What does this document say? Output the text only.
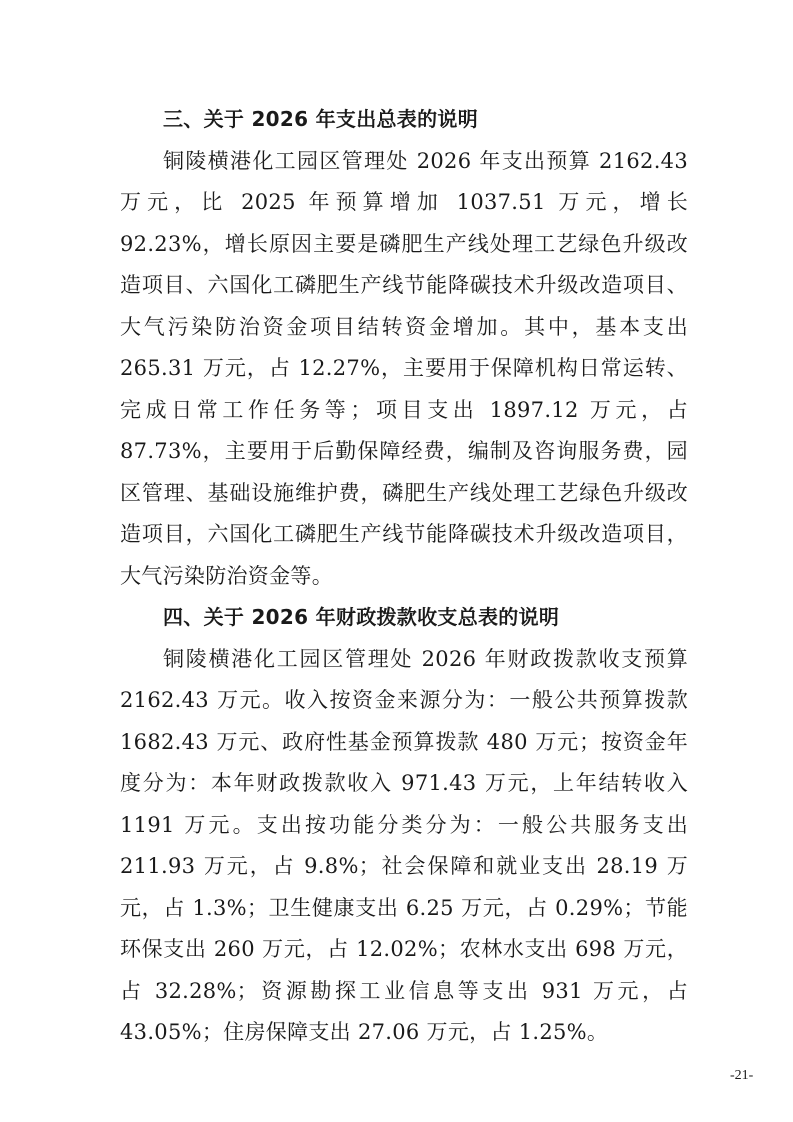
三、关于 2026 年支出总表的说明

铜陵横港化工园区管理处 2026 年支出预算 2162.43 万元，比 2025 年预算增加 1037.51 万元，增长 92.23%，增长原因主要是磷肥生产线处理工艺绿色升级改造项目、六国化工磷肥生产线节能降碳技术升级改造项目、大气污染防治资金项目结转资金增加。其中，基本支出 265.31 万元，占 12.27%，主要用于保障机构日常运转、完成日常工作任务等；项目支出 1897.12 万元，占 87.73%，主要用于后勤保障经费，编制及咨询服务费，园区管理、基础设施维护费，磷肥生产线处理工艺绿色升级改造项目，六国化工磷肥生产线节能降碳技术升级改造项目，大气污染防治资金等。

四、关于 2026 年财政拨款收支总表的说明

铜陵横港化工园区管理处 2026 年财政拨款收支预算 2162.43 万元。收入按资金来源分为：一般公共预算拨款 1682.43 万元、政府性基金预算拨款 480 万元；按资金年度分为：本年财政拨款收入 971.43 万元，上年结转收入 1191 万元。支出按功能分类分为：一般公共服务支出 211.93 万元，占 9.8%；社会保障和就业支出 28.19 万元，占 1.3%；卫生健康支出 6.25 万元，占 0.29%；节能环保支出 260 万元，占 12.02%；农林水支出 698 万元，占 32.28%；资源勘探工业信息等支出 931 万元，占 43.05%；住房保障支出 27.06 万元，占 1.25%。

-21-
